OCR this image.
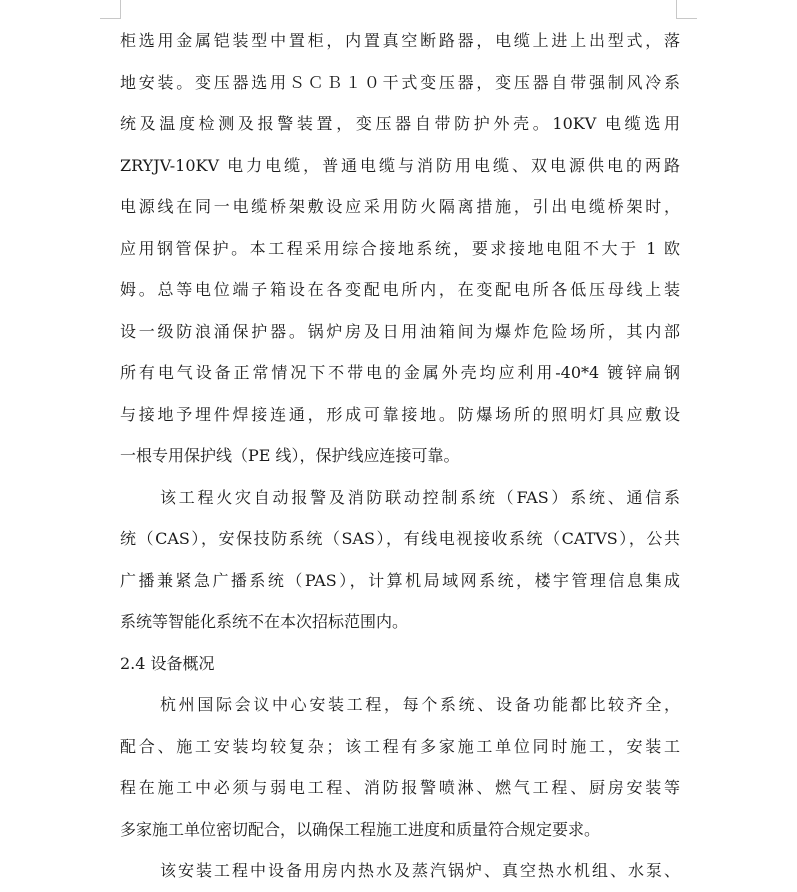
柜选用金属铠装型中置柜，内置真空断路器，电缆上进上出型式，落
地安装。变压器选用ＳＣＢ１０干式变压器，变压器自带强制风冷系
统及温度检测及报警装置，变压器自带防护外壳。10KV 电缆选用
ZRYJV-10KV 电力电缆，普通电缆与消防用电缆、双电源供电的两路
电源线在同一电缆桥架敷设应采用防火隔离措施，引出电缆桥架时，
应用钢管保护。本工程采用综合接地系统，要求接地电阻不大于 1 欧
姆。总等电位端子箱设在各变配电所内，在变配电所各低压母线上装
设一级防浪涌保护器。锅炉房及日用油箱间为爆炸危险场所，其内部
所有电气设备正常情况下不带电的金属外壳均应利用-40*4 镀锌扁钢
与接地予埋件焊接连通，形成可靠接地。防爆场所的照明灯具应敷设
一根专用保护线（PE 线），保护线应连接可靠。
该工程火灾自动报警及消防联动控制系统（FAS）系统、通信系
统（CAS），安保技防系统（SAS），有线电视接收系统（CATVS），公共
广播兼紧急广播系统（PAS），计算机局域网系统，楼宇管理信息集成
系统等智能化系统不在本次招标范围内。
2.4 设备概况
杭州国际会议中心安装工程，每个系统、设备功能都比较齐全，
配合、施工安装均较复杂；该工程有多家施工单位同时施工，安装工
程在施工中必须与弱电工程、消防报警喷淋、燃气工程、厨房安装等
多家施工单位密切配合，以确保工程施工进度和质量符合规定要求。
该安装工程中设备用房内热水及蒸汽锅炉、真空热水机组、水泵、
